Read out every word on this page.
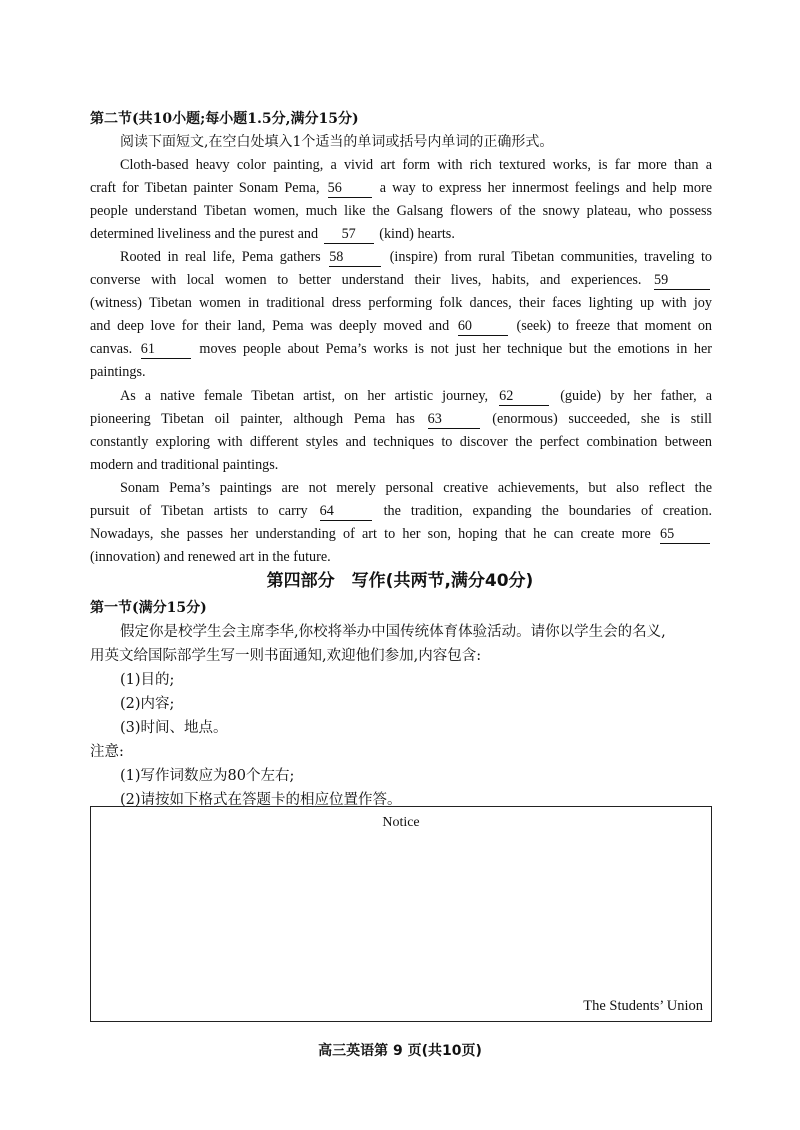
第二节(共10小题;每小题1.5分,满分15分)
阅读下面短文,在空白处填入1个适当的单词或括号内单词的正确形式。
Cloth-based heavy color painting, a vivid art form with rich textured works, is far more than a
craft for Tibetan painter Sonam Pema, 56	a way to express her innermost feelings and help more
people understand Tibetan women, much like the Galsang flowers of the snowy plateau, who possess
determined liveliness and the purest and 57 (kind) hearts.
Rooted in real life, Pema gathers 58	(inspire) from rural Tibetan communities, traveling to
converse with local women to better understand their lives, habits, and experiences. 59
(witness) Tibetan women in traditional dress performing folk dances, their faces lighting up with joy
and deep love for their land, Pema was deeply moved and 60	(seek) to freeze that moment on
canvas. 61	moves people about Pema’s works is not just her technique but the emotions in her
paintings.
As a native female Tibetan artist, on her artistic journey, 62	(guide) by her father, a
pioneering Tibetan oil painter, although Pema has 63	(enormous) succeeded, she is still
constantly exploring with different styles and techniques to discover the perfect combination between
modern and traditional paintings.
Sonam Pema’s paintings are not merely personal creative achievements, but also reflect the
pursuit of Tibetan artists to carry 64	the tradition, expanding the boundaries of creation.
Nowadays, she passes her understanding of art to her son, hoping that he can create more 65
(innovation) and renewed art in the future.
第四部分　写作(共两节,满分40分)
第一节(满分15分)
假定你是校学生会主席李华,你校将举办中国传统体育体验活动。请你以学生会的名义,
用英文给国际部学生写一则书面通知,欢迎他们参加,内容包含:
(1)目的;
(2)内容;
(3)时间、地点。
注意:
(1)写作词数应为80个左右;
(2)请按如下格式在答题卡的相应位置作答。
Notice
The Students’ Union
高三英语第 9 页(共10页)
